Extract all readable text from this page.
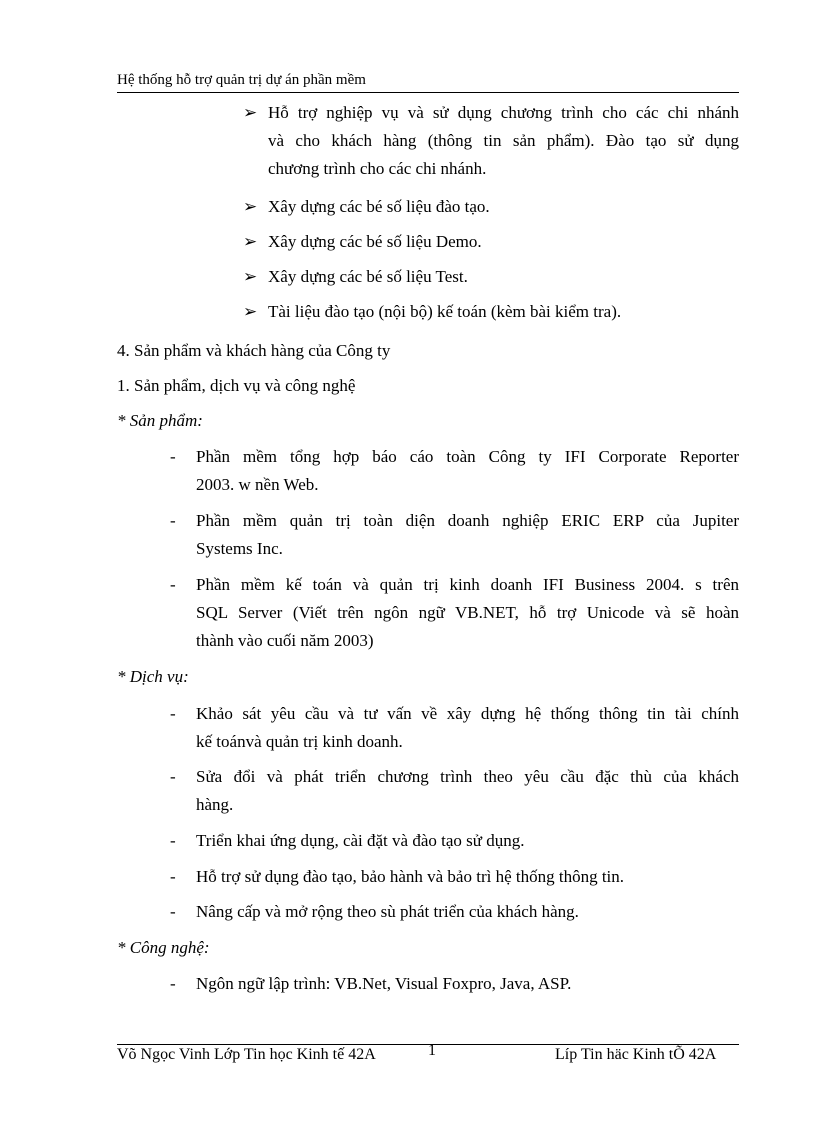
Hệ thống hỗ trợ quản trị dự án phần mềm
➢ Hỗ trợ nghiệp vụ và sử dụng chương trình cho các chi nhánh
và cho khách hàng (thông tin sản phẩm). Đào tạo sử dụng
chương trình cho các chi nhánh.
➢ Xây dựng các bé số liệu đào tạo.
➢ Xây dựng các bé số liệu Demo.
➢ Xây dựng các bé số liệu Test.
➢ Tài liệu đào tạo (nội bộ) kế toán (kèm bài kiểm tra).
4. Sản phẩm và khách hàng của Công ty
1. Sản phẩm, dịch vụ và công nghệ
* Sản phẩm:
- Phần mềm tổng hợp báo cáo toàn Công ty IFI Corporate Reporter
2003. w nền Web.
- Phần mềm quản trị toàn diện doanh nghiệp ERIC ERP của Jupiter
Systems Inc.
- Phần mềm kế toán và quản trị kinh doanh IFI Business 2004. s trên
SQL Server (Viết trên ngôn ngữ VB.NET, hỗ trợ Unicode và sẽ hoàn
thành vào cuối năm 2003)
* Dịch vụ:
- Khảo sát yêu cầu và tư vấn về xây dựng hệ thống thông tin tài chính
kế toánvà quản trị kinh doanh.
- Sửa đổi và phát triển chương trình theo yêu cầu đặc thù của khách
hàng.
- Triển khai ứng dụng, cài đặt và đào tạo sử dụng.
- Hỗ trợ sử dụng đào tạo, bảo hành và bảo trì hệ thống thông tin.
- Nâng cấp và mở rộng theo sù phát triển của khách hàng.
* Công nghệ:
- Ngôn ngữ lập trình: VB.Net, Visual Foxpro, Java, ASP.
Võ Ngọc Vinh Lớp Tin học Kinh tế 42A	1	Líp Tin häc Kinh tÕ 42A
